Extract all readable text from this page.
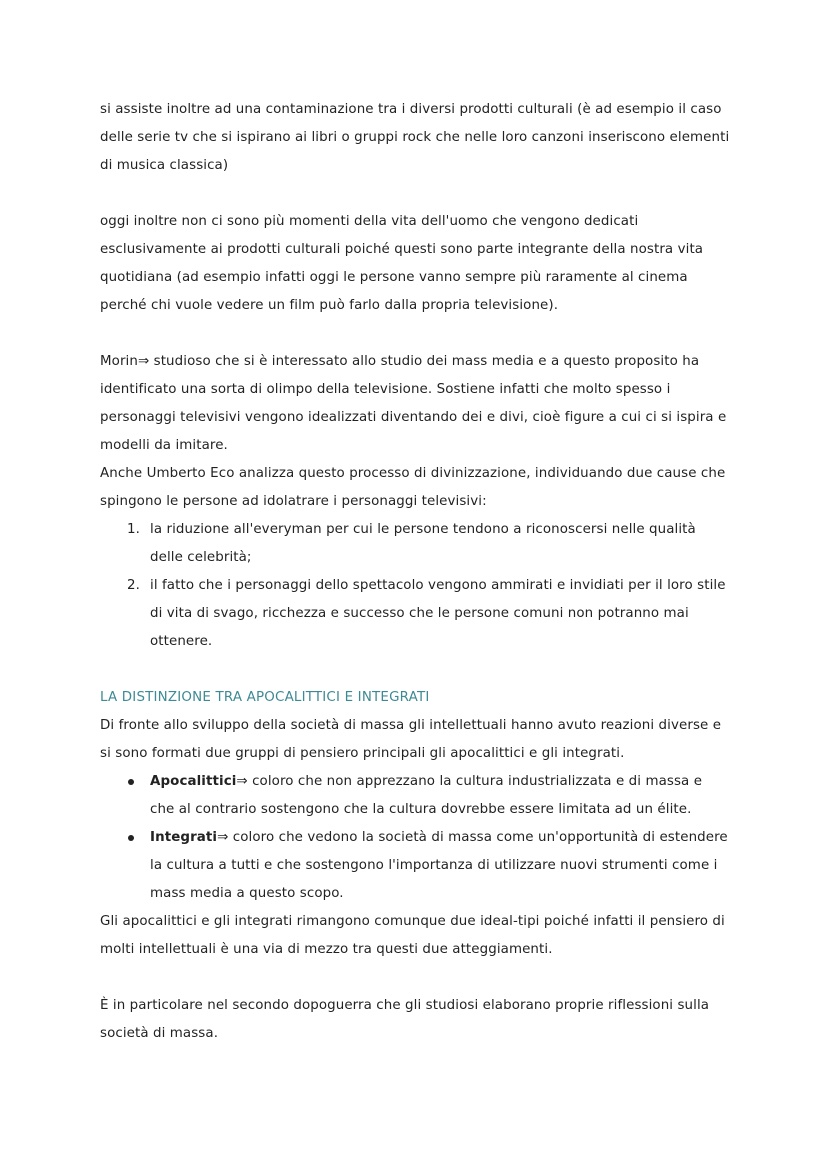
si assiste inoltre ad una contaminazione tra i diversi prodotti culturali (è ad esempio il caso delle serie tv che si ispirano ai libri o gruppi rock che nelle loro canzoni inseriscono elementi di musica classica)

oggi inoltre non ci sono più momenti della vita dell'uomo che vengono dedicati esclusivamente ai prodotti culturali poiché questi sono parte integrante della nostra vita quotidiana (ad esempio infatti oggi le persone vanno sempre più raramente al cinema perché chi vuole vedere un film può farlo dalla propria televisione).

Morin⇒ studioso che si è interessato allo studio dei mass media e a questo proposito ha identificato una sorta di olimpo della televisione. Sostiene infatti che molto spesso i personaggi televisivi vengono idealizzati diventando dei e divi, cioè figure a cui ci si ispira e modelli da imitare.

Anche Umberto Eco analizza questo processo di divinizzazione, individuando due cause che spingono le persone ad idolatrare i personaggi televisivi:

1. la riduzione all'everyman per cui le persone tendono a riconoscersi nelle qualità delle celebrità;
2. il fatto che i personaggi dello spettacolo vengono ammirati e invidiati per il loro stile di vita di svago, ricchezza e successo che le persone comuni non potranno mai ottenere.

LA DISTINZIONE TRA APOCALITTICI E INTEGRATI

Di fronte allo sviluppo della società di massa gli intellettuali hanno avuto reazioni diverse e si sono formati due gruppi di pensiero principali gli apocalittici e gli integrati.

Apocalittici⇒ coloro che non apprezzano la cultura industrializzata e di massa e che al contrario sostengono che la cultura dovrebbe essere limitata ad un élite.
Integrati⇒ coloro che vedono la società di massa come un'opportunità di estendere la cultura a tutti e che sostengono l'importanza di utilizzare nuovi strumenti come i mass media a questo scopo.

Gli apocalittici e gli integrati rimangono comunque due ideal-tipi poiché infatti il pensiero di molti intellettuali è una via di mezzo tra questi due atteggiamenti.

È in particolare nel secondo dopoguerra che gli studiosi elaborano proprie riflessioni sulla società di massa.
